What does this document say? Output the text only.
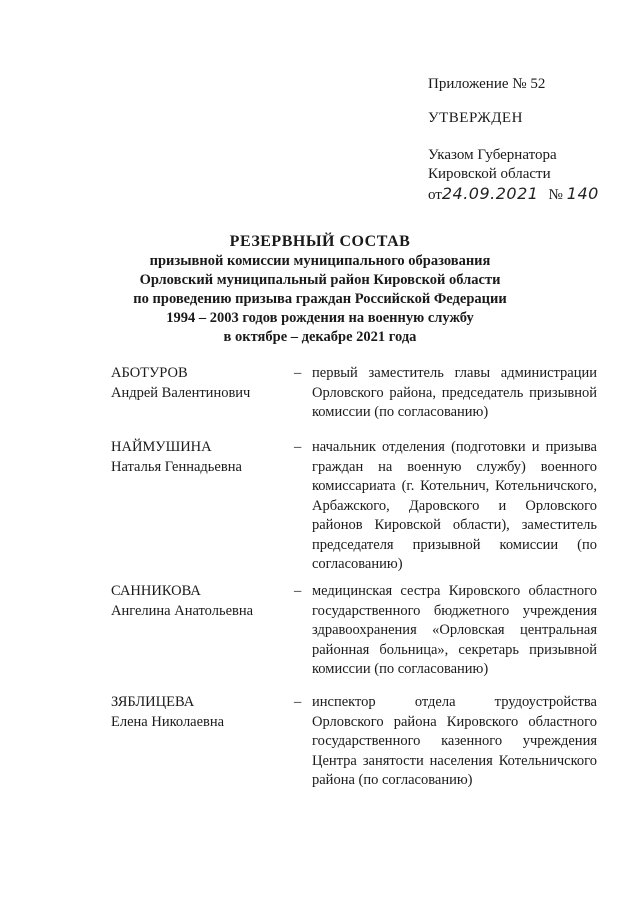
Приложение № 52
УТВЕРЖДЕН
Указом Губернатора
Кировской области
от24.09.2021 № 140
РЕЗЕРВНЫЙ СОСТАВ
призывной комиссии муниципального образования
Орловский муниципальный район Кировской области
по проведению призыва граждан Российской Федерации
1994 – 2003 годов рождения на военную службу
в октябре – декабре 2021 года
АБОТУРОВ
Андрей Валентинович
– первый заместитель главы администрации Орловского района, председатель призывной комиссии (по согласованию)
НАЙМУШИНА
Наталья Геннадьевна
– начальник отделения (подготовки и призыва граждан на военную службу) военного комиссариата (г. Котельнич, Котельничского, Арбажского, Даровского и Орловского районов Кировской области), заместитель председателя призывной комиссии (по согласованию)
САННИКОВА
Ангелина Анатольевна
– медицинская сестра Кировского областного государственного бюджетного учреждения здравоохранения «Орловская центральная районная больница», секретарь призывной комиссии (по согласованию)
ЗЯБЛИЦЕВА
Елена Николаевна
– инспектор отдела трудоустройства Орловского района Кировского областного государственного казенного учреждения Центра занятости населения Котельничского района (по согласованию)
